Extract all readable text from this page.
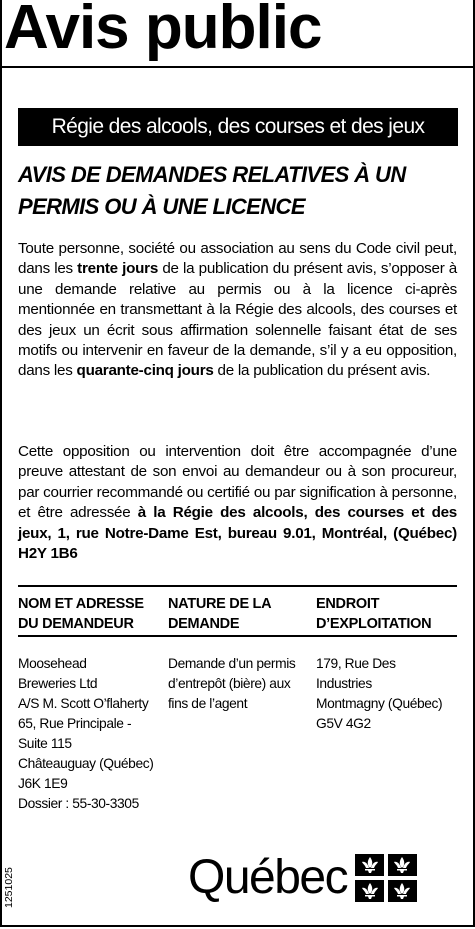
Avis public
Régie des alcools, des courses et des jeux
AVIS DE DEMANDES RELATIVES À UN
PERMIS OU À UNE LICENCE
Toute personne, société ou association au sens du Code civil peut, dans les trente jours de la publication du présent avis, s’opposer à une demande relative au permis ou à la licence ci-après mentionnée en transmettant à la Régie des alcools, des courses et des jeux un écrit sous affirmation solennelle faisant état de ses motifs ou intervenir en faveur de la demande, s’il y a eu opposition, dans les quarante-cinq jours de la publication du présent avis.
Cette opposition ou intervention doit être accompagnée d’une preuve attestant de son envoi au demandeur ou à son procureur, par courrier recommandé ou certifié ou par signification à personne, et être adressée à la Régie des alcools, des courses et des jeux, 1, rue Notre-Dame Est, bureau 9.01, Montréal, (Québec) H2Y 1B6
NOM ET ADRESSE
DU DEMANDEUR
NATURE DE LA
DEMANDE
ENDROIT
D’EXPLOITATION
Moosehead
Breweries Ltd
A/S M. Scott O’flaherty
65, Rue Principale -
Suite 115
Châteauguay (Québec)
J6K 1E9
Dossier : 55-30-3305
Demande d’un permis
d’entrepôt (bière) aux
fins de l’agent
179, Rue Des
Industries
Montmagny (Québec)
G5V 4G2
1251025	Québec
